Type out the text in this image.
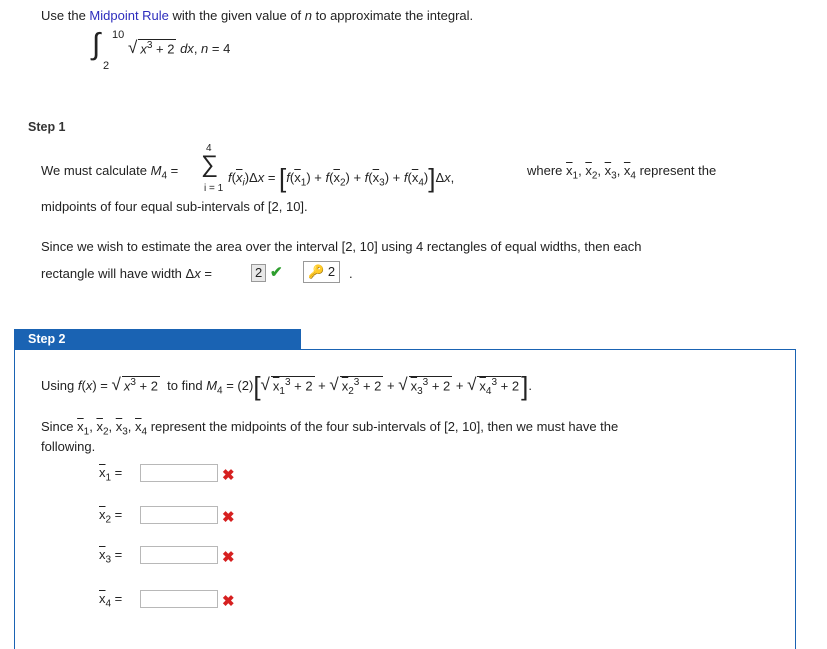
Use the Midpoint Rule with the given value of n to approximate the integral.
∫ 10
2
√ $x^3 + 2$ dx, n = 4
Step 1
We must calculate $M_4$ =
4
∑
i = 1
$f(\overline{x}_i)\Delta x = [f(\overline{x}_1) + f(\overline{x}_2) + f(\overline{x}_3) + f(\overline{x}_4)]\Delta x$,	where $\overline{x}_1$, $\overline{x}_2$, $\overline{x}_3$, $\overline{x}_4$ represent the
midpoints of four equal sub-intervals of [2, 10].
Since we wish to estimate the area over the interval [2, 10] using 4 rectangles of equal widths, then each
rectangle will have width Δx =	2 ✔	🔑 2	.
Step 2
Using f(x) = √ $x^3 + 2$  to find $M_4 = (2)[√$ $x_1^3 + 2$ + √ $x_2^3 + 2$ + √ $x_3^3 + 2$ + √ $x_4^3 + 2$].
Since $\overline{x}_1$, $\overline{x}_2$, $\overline{x}_3$, $\overline{x}_4$ represent the midpoints of the four sub-intervals of [2, 10], then we must have the
following.
$\overline{x}_1$ =	✖
$\overline{x}_2$ =	✖
$\overline{x}_3$ =	✖
$\overline{x}_4$ =	✖
